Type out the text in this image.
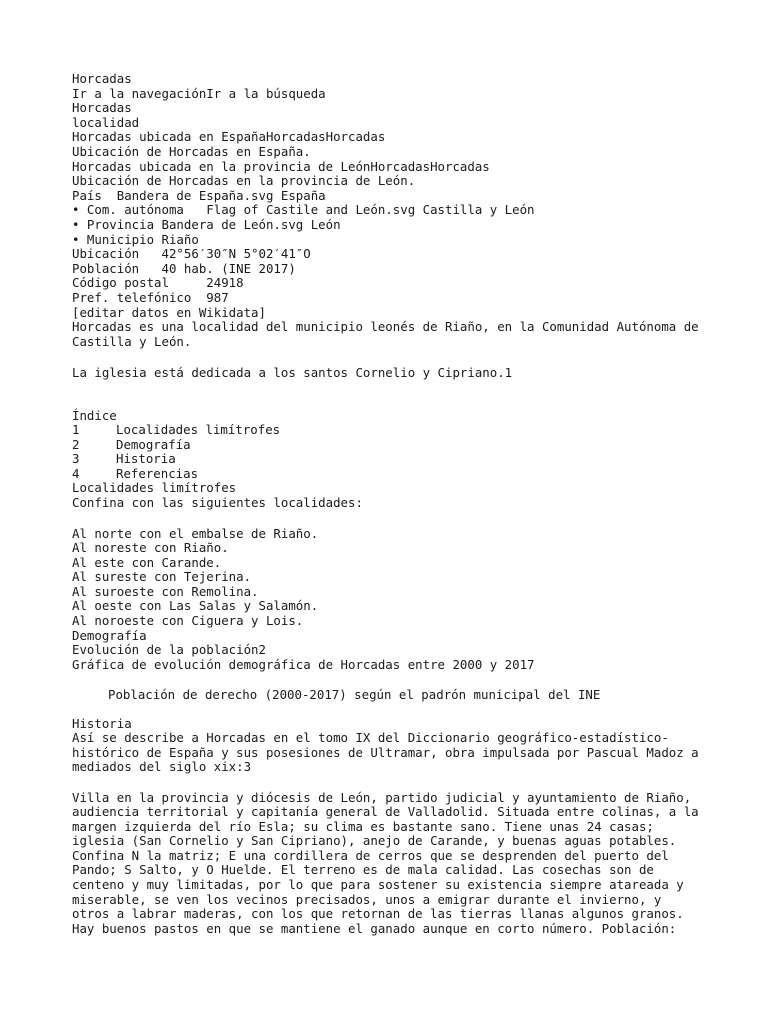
Horcadas
Ir a la navegaciónIr a la búsqueda
Horcadas
localidad
Horcadas ubicada en EspañaHorcadasHorcadas
Ubicación de Horcadas en España.
Horcadas ubicada en la provincia de LeónHorcadasHorcadas
Ubicación de Horcadas en la provincia de León.
País  Bandera de España.svg España
• Com. autónoma   Flag of Castile and León.svg Castilla y León
• Provincia Bandera de León.svg León
• Municipio Riaño
Ubicación   42°56′30″N 5°02′41″O
Población   40 hab. (INE 2017)
Código postal     24918
Pref. telefónico  987
[editar datos en Wikidata]
Horcadas es una localidad del municipio leonés de Riaño, en la Comunidad Autónoma de Castilla y León.
La iglesia está dedicada a los santos Cornelio y Cipriano.1
Índice
1	Localidades limítrofes
2	Demografía
3	Historia
4	Referencias
Localidades limítrofes
Confina con las siguientes localidades:
Al norte con el embalse de Riaño.
Al noreste con Riaño.
Al este con Carande.
Al sureste con Tejerina.
Al suroeste con Remolina.
Al oeste con Las Salas y Salamón.
Al noroeste con Ciguera y Lois.
Demografía
Evolución de la población2
Gráfica de evolución demográfica de Horcadas entre 2000 y 2017
Población de derecho (2000-2017) según el padrón municipal del INE
Historia
Así se describe a Horcadas en el tomo IX del Diccionario geográfico-estadístico-histórico de España y sus posesiones de Ultramar, obra impulsada por Pascual Madoz a mediados del siglo xix:3
Villa en la provincia y diócesis de León, partido judicial y ayuntamiento de Riaño, audiencia territorial y capitanía general de Valladolid. Situada entre colinas, a la margen izquierda del río Esla; su clima es bastante sano. Tiene unas 24 casas; iglesia (San Cornelio y San Cipriano), anejo de Carande, y buenas aguas potables. Confina N la matriz; E una cordillera de cerros que se desprenden del puerto del Pando; S Salto, y O Huelde. El terreno es de mala calidad. Las cosechas son de centeno y muy limitadas, por lo que para sostener su existencia siempre atareada y miserable, se ven los vecinos precisados, unos a emigrar durante el invierno, y otros a labrar maderas, con los que retornan de las tierras llanas algunos granos. Hay buenos pastos en que se mantiene el ganado aunque en corto número. Población:
